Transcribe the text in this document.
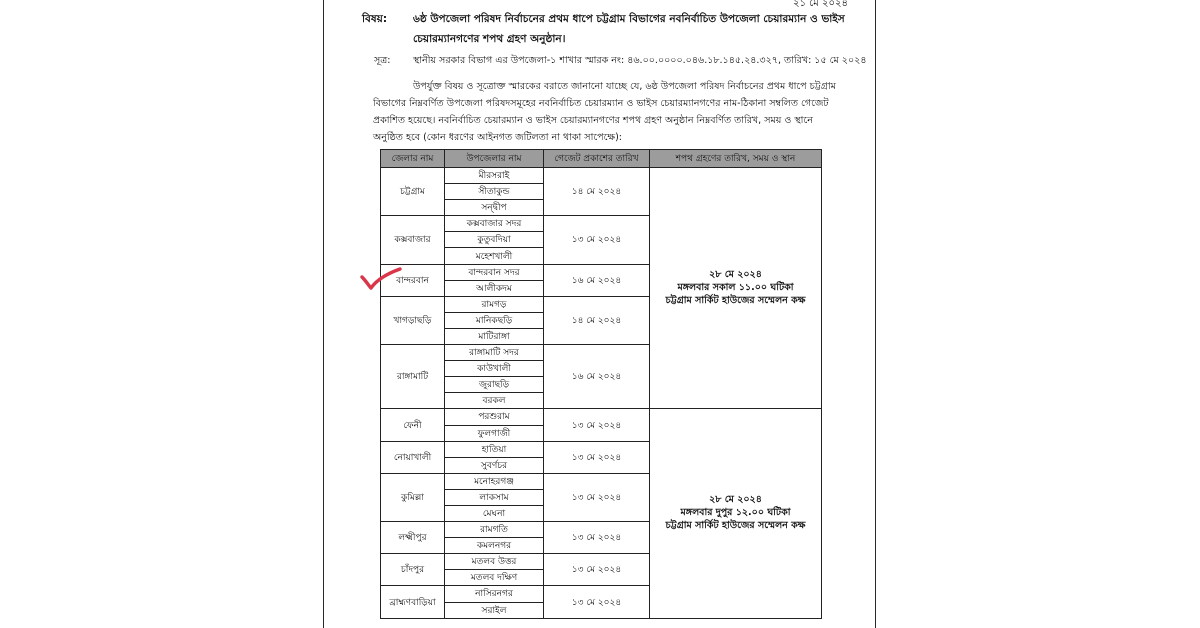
২১ মে ২০২৪
বিষয়: ৬ষ্ঠ উপজেলা পরিষদ নির্বাচনের প্রথম ধাপে চট্টগ্রাম বিভাগের নবনির্বাচিত উপজেলা চেয়ারম্যান ও ভাইস
চেয়ারম্যানগণের শপথ গ্রহণ অনুষ্ঠান।
সূত্র: স্থানীয় সরকার বিভাগ এর উপজেলা-১ শাখার স্মারক নং: ৪৬.০০.০০০০.০৪৬.১৮.১৪৫.২৪.৩২৭, তারিখ: ১৫ মে ২০২৪
উপর্যুক্ত বিষয় ও সূত্রোক্ত স্মারকের বরাতে জানানো যাচ্ছে যে, ৬ষ্ঠ উপজেলা পরিষদ নির্বাচনের প্রথম ধাপে চট্টগ্রাম
বিভাগের নিম্নবর্ণিত উপজেলা পরিষদসমূহের নবনির্বাচিত চেয়ারম্যান ও ভাইস চেয়ারম্যানগণের নাম-ঠিকানা সম্বলিত গেজেট
প্রকাশিত হয়েছে। নবনির্বাচিত চেয়ারম্যান ও ভাইস চেয়ারম্যানগণের শপথ গ্রহণ অনুষ্ঠান নিম্নবর্ণিত তারিখ, সময় ও স্থানে
অনুষ্ঠিত হবে (কোন ধরণের আইনগত জটিলতা না থাকা সাপেক্ষে):
জেলার নাম	উপজেলার নাম	গেজেট প্রকাশের তারিখ	শপথ গ্রহণের তারিখ, সময় ও স্থান
চট্টগ্রাম	মীরসরাই	১৪ মে ২০২৪	২৮ মে ২০২৪
মঙ্গলবার সকাল ১১.০০ ঘটিকা
চট্টগ্রাম সার্কিট হাউজের সম্মেলন কক্ষ

	সীতাকুন্ড		
	সন্দ্বীপ		
কক্সবাজার	কক্সবাজার সদর	১৩ মে ২০২৪	
	কুতুবদিয়া		
	মহেশখালী		
বান্দরবান	বান্দরবান সদর	১৬ মে ২০২৪	
	আলীকদম		
খাগড়াছড়ি	রামগড়	১৪ মে ২০২৪	
	মানিকছড়ি		
	মাটিরাঙ্গা		
রাঙ্গামাটি	রাঙ্গামাটি সদর	১৬ মে ২০২৪	
	কাউখালী		
	জুরাছড়ি		
	বরকল		
ফেনী	পরশুরাম	১৩ মে ২০২৪	২৮ মে ২০২৪
মঙ্গলবার দুপুর ১২.০০ ঘটিকা
চট্টগ্রাম সার্কিট হাউজের সম্মেলন কক্ষ

	ফুলগাজী		
নোয়াখালী	হাতিয়া	১৩ মে ২০২৪	
	সুবর্ণচর		
কুমিল্লা	মনোহরগঞ্জ	১৩ মে ২০২৪	
	লাকসাম		
	মেঘনা		
লক্ষ্মীপুর	রামগতি	১৩ মে ২০২৪	
	কমলনগর		
চাঁদপুর	মতলব উত্তর	১৩ মে ২০২৪	
	মতলব দক্ষিণ		
ব্রাহ্মণবাড়িয়া	নাসিরনগর	১৩ মে ২০২৪	
	সরাইল		
